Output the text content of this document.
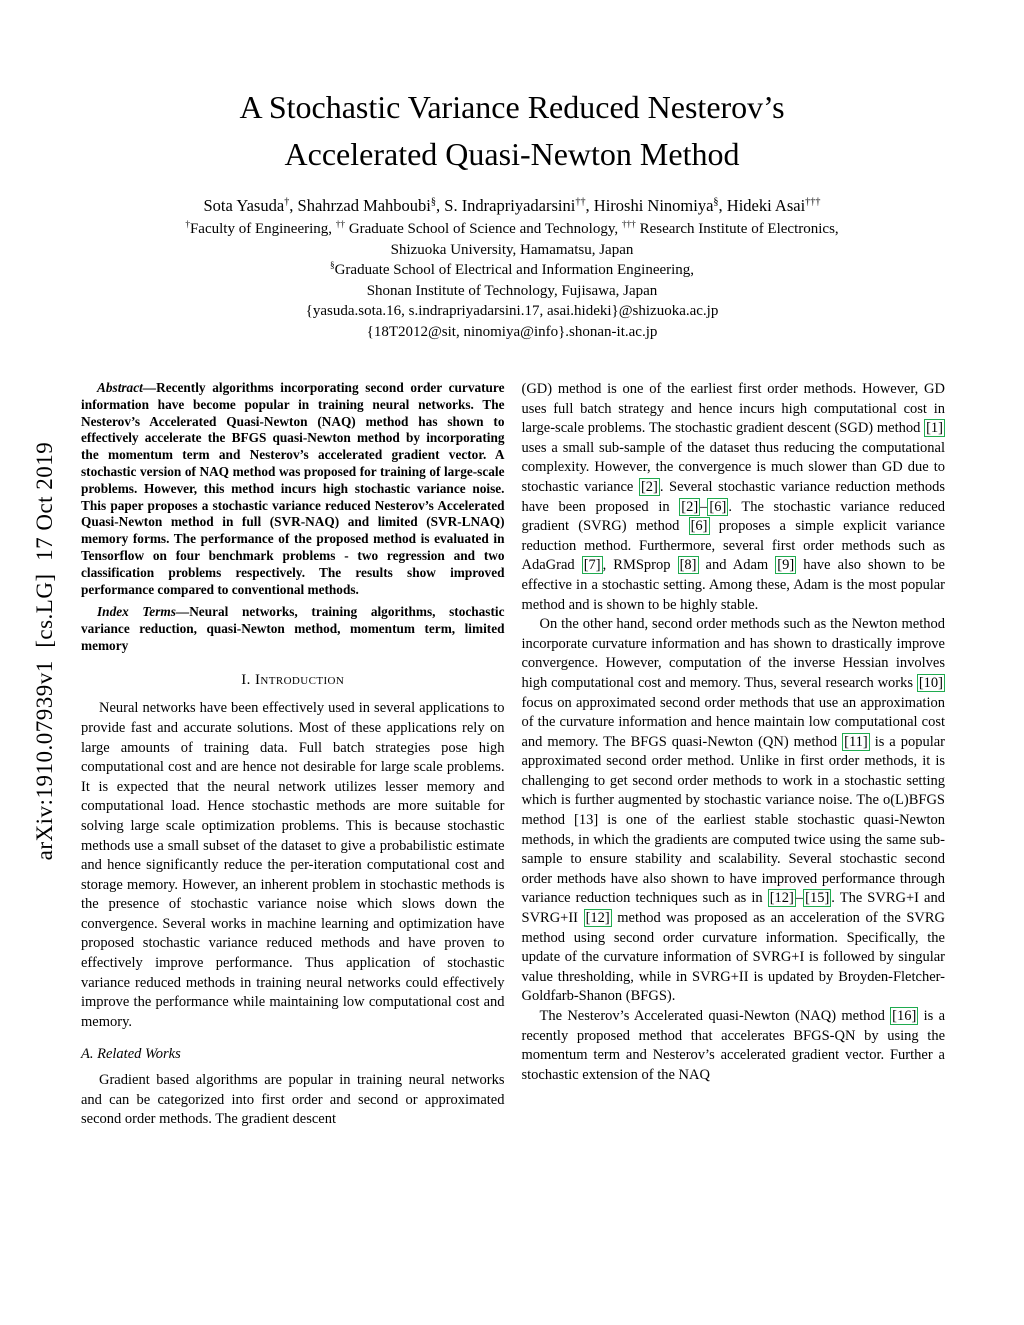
arXiv:1910.07939v1  [cs.LG]  17 Oct 2019
A Stochastic Variance Reduced Nesterov’s
Accelerated Quasi-Newton Method
Sota Yasuda†, Shahrzad Mahboubi§, S. Indrapriyadarsini††, Hiroshi Ninomiya§, Hideki Asai†††

†Faculty of Engineering, †† Graduate School of Science and Technology, ††† Research Institute of Electronics,

Shizuoka University, Hamamatsu, Japan

§Graduate School of Electrical and Information Engineering,

Shonan Institute of Technology, Fujisawa, Japan

{yasuda.sota.16, s.indrapriyadarsini.17, asai.hideki}@shizuoka.ac.jp

{18T2012@sit, ninomiya@info}.shonan-it.ac.jp

Abstract—Recently algorithms incorporating second order curvature information have become popular in training neural networks. The Nesterov’s Accelerated Quasi-Newton (NAQ) method has shown to effectively accelerate the BFGS quasi-Newton method by incorporating the momentum term and Nesterov’s accelerated gradient vector. A stochastic version of NAQ method was proposed for training of large-scale problems. However, this method incurs high stochastic variance noise. This paper proposes a stochastic variance reduced Nesterov’s Accelerated Quasi-Newton method in full (SVR-NAQ) and limited (SVR-LNAQ) memory forms. The performance of the proposed method is evaluated in Tensorflow on four benchmark problems - two regression and two classification problems respectively. The results show improved performance compared to conventional methods.

Index Terms—Neural networks, training algorithms, stochastic variance reduction, quasi-Newton method, momentum term, limited memory

I. Introduction

Neural networks have been effectively used in several applications to provide fast and accurate solutions. Most of these applications rely on large amounts of training data. Full batch strategies pose high computational cost and are hence not desirable for large scale problems. It is expected that the neural network utilizes lesser memory and computational load. Hence stochastic methods are more suitable for solving large scale optimization problems. This is because stochastic methods use a small subset of the dataset to give a probabilistic estimate and hence significantly reduce the per-iteration computational cost and storage memory. However, an inherent problem in stochastic methods is the presence of stochastic variance noise which slows down the convergence. Several works in machine learning and optimization have proposed stochastic variance reduced methods and have proven to effectively improve performance. Thus application of stochastic variance reduced methods in training neural networks could effectively improve the performance while maintaining low computational cost and memory.

A. Related Works

Gradient based algorithms are popular in training neural networks and can be categorized into first order and second or approximated second order methods. The gradient descent

(GD) method is one of the earliest first order methods. However, GD uses full batch strategy and hence incurs high computational cost in large-scale problems. The stochastic gradient descent (SGD) method [1] uses a small sub-sample of the dataset thus reducing the computational complexity. However, the convergence is much slower than GD due to stochastic variance [2] . Several stochastic variance reduction methods have been proposed in [2] – [6] . The stochastic variance reduced gradient (SVRG) method [6] proposes a simple explicit variance reduction method. Furthermore, several first order methods such as AdaGrad [7] , RMSprop [8] and Adam [9] have also shown to be effective in a stochastic setting. Among these, Adam is the most popular method and is shown to be highly stable.

On the other hand, second order methods such as the Newton method incorporate curvature information and has shown to drastically improve convergence. However, computation of the inverse Hessian involves high computational cost and memory. Thus, several research works [10] focus on approximated second order methods that use an approximation of the curvature information and hence maintain low computational cost and memory. The BFGS quasi-Newton (QN) method [11] is a popular approximated second order method. Unlike in first order methods, it is challenging to get second order methods to work in a stochastic setting which is further augmented by stochastic variance noise. The o(L)BFGS method [13] is one of the earliest stable stochastic quasi-Newton methods, in which the gradients are computed twice using the same sub-sample to ensure stability and scalability. Several stochastic second order methods have also shown to have improved performance through variance reduction techniques such as in [12] – [15] . The SVRG+I and SVRG+II [12] method was proposed as an acceleration of the SVRG method using second order curvature information. Specifically, the update of the curvature information of SVRG+I is followed by singular value thresholding, while in SVRG+II is updated by Broyden-Fletcher-Goldfarb-Shanon (BFGS).

The Nesterov’s Accelerated quasi-Newton (NAQ) method [16] is a recently proposed method that accelerates BFGS-QN by using the momentum term and Nesterov’s accelerated gradient vector. Further a stochastic extension of the NAQ
